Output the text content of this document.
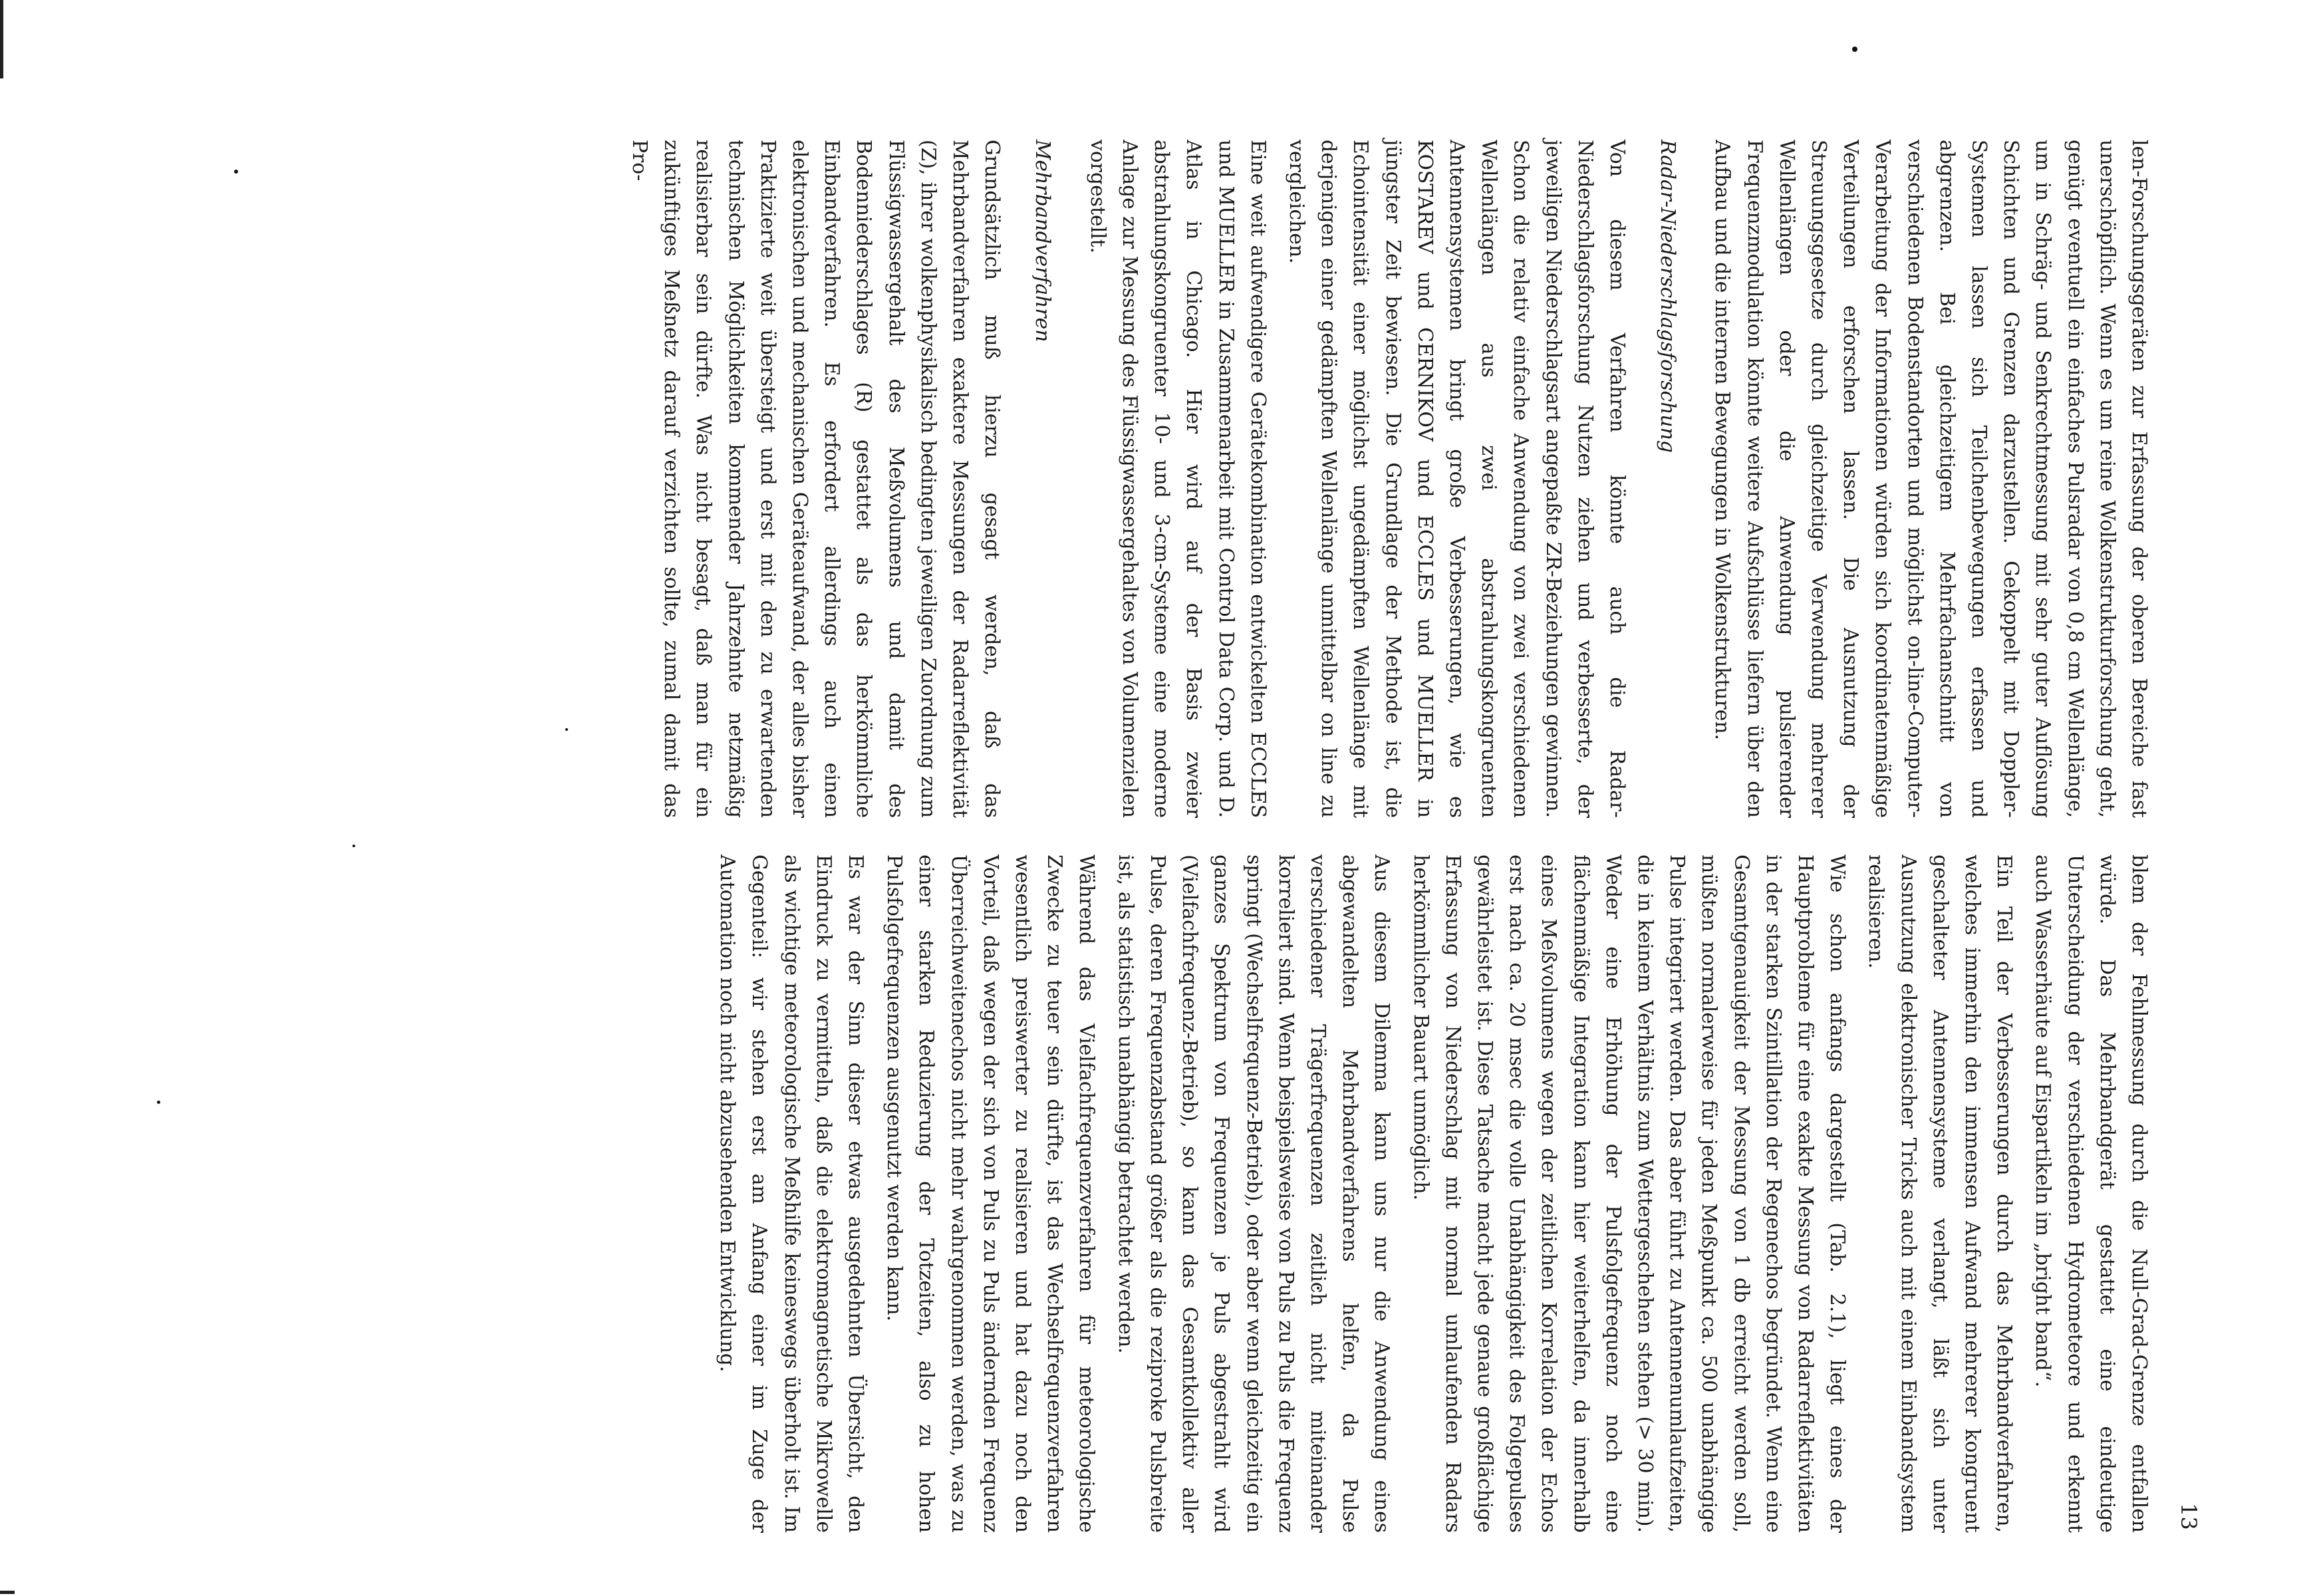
13

len-Forschungsgeräten zur Erfassung der oberen Bereiche fast unerschöpflich. Wenn es um reine Wolkenstrukturforschung geht, genügt eventuell ein einfaches Pulsradar von 0,8 cm Wellenlänge, um in Schräg- und Senkrechtmessung mit sehr guter Auflösung Schichten und Grenzen darzustellen. Gekoppelt mit Doppler-Systemen lassen sich Teilchenbewegungen erfassen und abgrenzen. Bei gleichzeitigem Mehrfachanschnitt von verschiedenen Bodenstandorten und möglichst on-line-Computer-Verarbeitung der Informationen würden sich koordinatenmäßige Verteilungen erforschen lassen. Die Ausnutzung der Streuungsgesetze durch gleichzeitige Verwendung mehrerer Wellenlängen oder die Anwendung pulsierender Frequenzmodulation könnte weitere Aufschlüsse liefern über den Aufbau und die internen Bewegungen in Wolkenstrukturen.

Radar-Niederschlagsforschung

Von diesem Verfahren könnte auch die Radar-Niederschlagsforschung Nutzen ziehen und verbesserte, der jeweiligen Niederschlagsart angepaßte ZR-Beziehungen gewinnen. Schon die relativ einfache Anwendung von zwei verschiedenen Wellenlängen aus zwei abstrahlungskongruenten Antennensystemen bringt große Verbesserungen, wie es KOSTAREV und CERNIKOV und ECCLES und MUELLER in jüngster Zeit bewiesen. Die Grundlage der Methode ist, die Echointensität einer möglichst ungedämpften Wellenlänge mit derjenigen einer gedämpften Wellenlänge unmittelbar on line zu vergleichen.

Eine weit aufwendigere Gerätekombination entwickelten ECCLES und MUELLER in Zusammenarbeit mit Control Data Corp. und D. Atlas in Chicago. Hier wird auf der Basis zweier abstrahlungskongruenter 10- und 3-cm-Systeme eine moderne Anlage zur Messung des Flüssigwassergehaltes von Volumenzielen vorgestellt.

Mehrbandverfahren

Grundsätzlich muß hierzu gesagt werden, daß das Mehrbandverfahren exaktere Messungen der Radarreflektivität (Z), ihrer wolkenphysikalisch bedingten jeweiligen Zuordnung zum Flüssigwassergehalt des Meßvolumens und damit des Bodenniederschlages (R) gestattet als das herkömmliche Einbandverfahren. Es erfordert allerdings auch einen elektronischen und mechanischen Geräteaufwand, der alles bisher Praktizierte weit übersteigt und erst mit den zu erwartenden technischen Möglichkeiten kommender Jahrzehnte netzmäßig realisierbar sein dürfte. Was nicht besagt, daß man für ein zukünftiges Meßnetz darauf verzichten sollte, zumal damit das Pro-

blem der Fehlmessung durch die Null-Grad-Grenze entfallen würde. Das Mehrbandgerät gestattet eine eindeutige Unterscheidung der verschiedenen Hydrometeore und erkennt auch Wasserhäute auf Eispartikeln im „bright band“.

Ein Teil der Verbesserungen durch das Mehrbandverfahren, welches immerhin den immensen Aufwand mehrerer kongruent geschalteter Antennensysteme verlangt, läßt sich unter Ausnutzung elektronischer Tricks auch mit einem Einbandsystem realisieren.

Wie schon anfangs dargestellt (Tab. 2.1), liegt eines der Hauptprobleme für eine exakte Messung von Radarreflektivitäten in der starken Szintillation der Regenechos begründet. Wenn eine Gesamtgenauigkeit der Messung von 1 db erreicht werden soll, müßten normalerweise für jeden Meßpunkt ca. 500 unabhängige Pulse integriert werden. Das aber führt zu Antennenumlaufzeiten, die in keinem Verhältnis zum Wettergeschehen stehen (> 30 min). Weder eine Erhöhung der Pulsfolgefrequenz noch eine flächenmäßige Integration kann hier weiterhelfen, da innerhalb eines Meßvolumens wegen der zeitlichen Korrelation der Echos erst nach ca. 20 msec die volle Unabhängigkeit des Folgepulses gewährleistet ist. Diese Tatsache macht jede genaue großflächige Erfassung von Niederschlag mit normal umlaufenden Radars herkömmlicher Bauart unmöglich.

Aus diesem Dilemma kann uns nur die Anwendung eines abgewandelten Mehrbandverfahrens helfen, da Pulse verschiedener Trägerfrequenzen zeitlich nicht miteinander korreliert sind. Wenn beispielsweise von Puls zu Puls die Frequenz springt (Wechselfrequenz-Betrieb), oder aber wenn gleichzeitig ein ganzes Spektrum von Frequenzen je Puls abgestrahlt wird (Vielfachfrequenz-Betrieb), so kann das Gesamtkollektiv aller Pulse, deren Frequenzabstand größer als die reziproke Pulsbreite ist, als statistisch unabhängig betrachtet werden.

Während das Vielfachfrequenzverfahren für meteorologische Zwecke zu teuer sein dürfte, ist das Wechselfrequenzverfahren wesentlich preiswerter zu realisieren und hat dazu noch den Vorteil, daß wegen der sich von Puls zu Puls ändernden Frequenz Überreichweitenechos nicht mehr wahrgenommen werden, was zu einer starken Reduzierung der Totzeiten, also zu hohen Pulsfolgefrequenzen ausgenutzt werden kann.

Es war der Sinn dieser etwas ausgedehnten Übersicht, den Eindruck zu vermitteln, daß die elektromagnetische Mikrowelle als wichtige meteorologische Meßhilfe keineswegs überholt ist. Im Gegenteil: wir stehen erst am Anfang einer im Zuge der Automation noch nicht abzusehenden Entwicklung.
